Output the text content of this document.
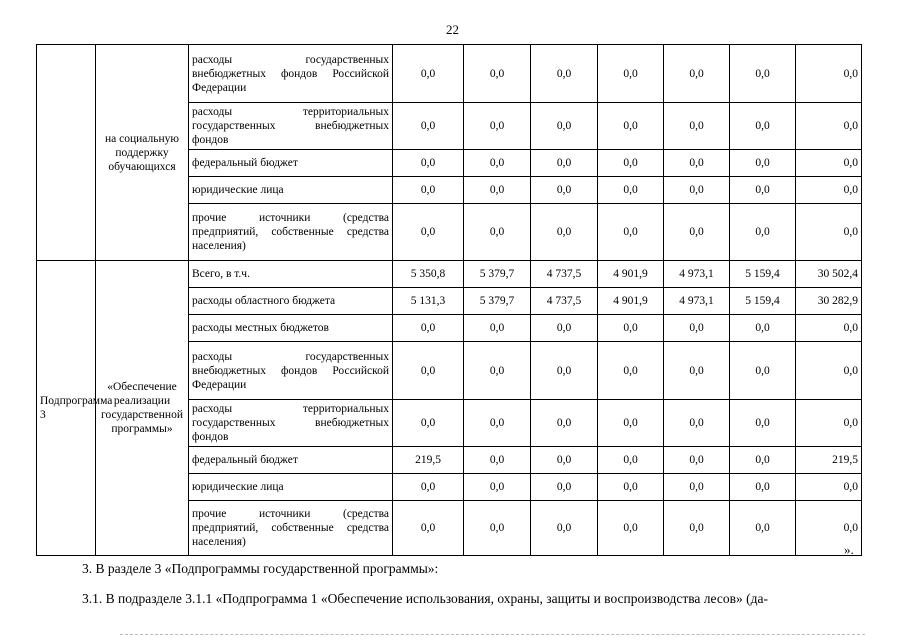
22
	на социальную поддержку обучающихся	расходы государственных внебюджетных фондов Российской Федерации	0,0	0,0	0,0	0,0	0,0	0,0	0,0
		расходы территориальных государственных внебюджетных фондов	0,0	0,0	0,0	0,0	0,0	0,0	0,0
		федеральный бюджет	0,0	0,0	0,0	0,0	0,0	0,0	0,0
		юридические лица	0,0	0,0	0,0	0,0	0,0	0,0	0,0
		прочие источники (средства предприятий, собственные средства населения)	0,0	0,0	0,0	0,0	0,0	0,0	0,0
Подпрограмма 3	«Обеспечение реализации государственной программы»	Всего, в т.ч.	5 350,8	5 379,7	4 737,5	4 901,9	4 973,1	5 159,4	30 502,4
		расходы областного бюджета	5 131,3	5 379,7	4 737,5	4 901,9	4 973,1	5 159,4	30 282,9
		расходы местных бюджетов	0,0	0,0	0,0	0,0	0,0	0,0	0,0
		расходы государственных внебюджетных фондов Российской Федерации	0,0	0,0	0,0	0,0	0,0	0,0	0,0
		расходы территориальных государственных внебюджетных фондов	0,0	0,0	0,0	0,0	0,0	0,0	0,0
		федеральный бюджет	219,5	0,0	0,0	0,0	0,0	0,0	219,5
		юридические лица	0,0	0,0	0,0	0,0	0,0	0,0	0,0
		прочие источники (средства предприятий, собственные средства населения)	0,0	0,0	0,0	0,0	0,0	0,0	0,0
».
3. В разделе 3 «Подпрограммы государственной программы»:
3.1. В подразделе 3.1.1 «Подпрограмма 1 «Обеспечение использования, охраны, защиты и воспроизводства лесов» (да-
